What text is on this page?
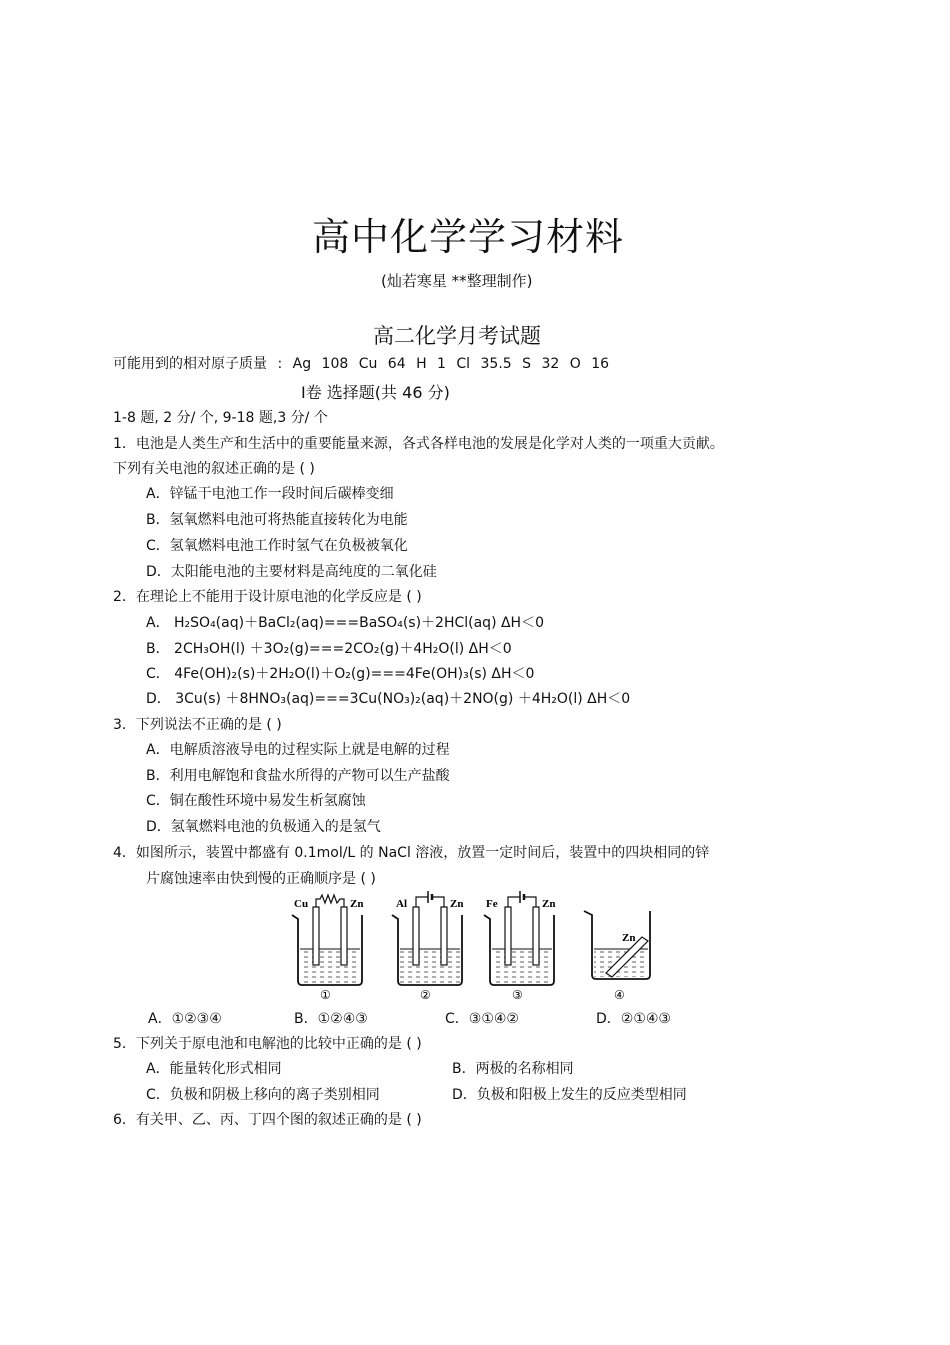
高中化学学习材料
(灿若寒星 **整理制作)
高二化学月考试题
可能用到的相对原子质量 : Ag 108 Cu 64 H 1 Cl 35.5 S 32 O 16
Ⅰ卷 选择题(共 46 分)
1-8 题, 2 分/ 个, 9-18 题,3 分/ 个
1．电池是人类生产和生活中的重要能量来源，各式各样电池的发展是化学对人类的一项重大贡献。
下列有关电池的叙述正确的是 ( )
A．锌锰干电池工作一段时间后碳棒变细
B．氢氧燃料电池可将热能直接转化为电能
C．氢氧燃料电池工作时氢气在负极被氧化
D．太阳能电池的主要材料是高纯度的二氧化硅
2．在理论上不能用于设计原电池的化学反应是 ( )
A． H₂SO₄(aq)＋BaCl₂(aq)===BaSO₄(s)＋2HCl(aq) ΔH＜0
B． 2CH₃OH(l) ＋3O₂(g)===2CO₂(g)＋4H₂O(l) ΔH＜0
C． 4Fe(OH)₂(s)＋2H₂O(l)＋O₂(g)===4Fe(OH)₃(s) ΔH＜0
D． 3Cu(s) ＋8HNO₃(aq)===3Cu(NO₃)₂(aq)＋2NO(g) ＋4H₂O(l) ΔH＜0
3．下列说法不正确的是 ( )
A．电解质溶液导电的过程实际上就是电解的过程
B．利用电解饱和食盐水所得的产物可以生产盐酸
C．铜在酸性环境中易发生析氢腐蚀
D．氢氧燃料电池的负极通入的是氢气
4．如图所示，装置中都盛有 0.1mol/L 的 NaCl 溶液，放置一定时间后，装置中的四块相同的锌
片腐蚀速率由快到慢的正确顺序是 ( )
Cu	Zn
①
Al	Zn
②
Fe	Zn
③
Zn
④
A．①②③④	B．①②④③	C．③①④②	D．②①④③
5．下列关于原电池和电解池的比较中正确的是 ( )
A．能量转化形式相同	B．两极的名称相同
C．负极和阴极上移向的离子类别相同	D．负极和阳极上发生的反应类型相同
6．有关甲、乙、丙、丁四个图的叙述正确的是 ( )
